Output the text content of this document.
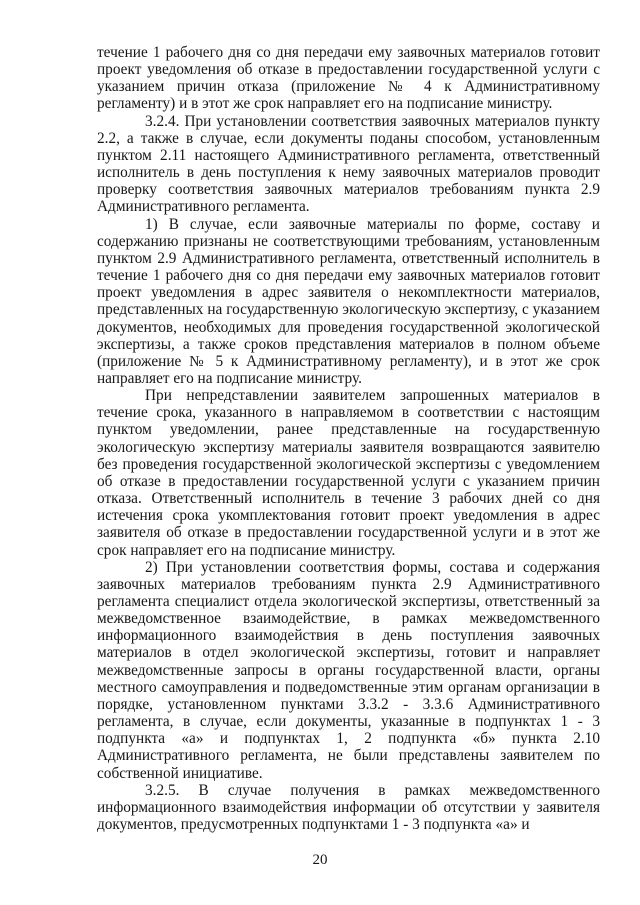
течение 1 рабочего дня со дня передачи ему заявочных материалов готовит проект уведомления об отказе в предоставлении государственной услуги с указанием причин отказа (приложение № 4 к Административному регламенту) и в этот же срок направляет его на подписание министру.

3.2.4. При установлении соответствия заявочных материалов пункту 2.2, а также в случае, если документы поданы способом, установленным пунктом 2.11 настоящего Административного регламента, ответственный исполнитель в день поступления к нему заявочных материалов проводит проверку соответствия заявочных материалов требованиям пункта 2.9 Административного регламента.

1) В случае, если заявочные материалы по форме, составу и содержанию признаны не соответствующими требованиям, установленным пунктом 2.9 Административного регламента, ответственный исполнитель в течение 1 рабочего дня со дня передачи ему заявочных материалов готовит проект уведомления в адрес заявителя о некомплектности материалов, представленных на государственную экологическую экспертизу, с указанием документов, необходимых для проведения государственной экологической экспертизы, а также сроков представления материалов в полном объеме (приложение № 5 к Административному регламенту), и в этот же срок направляет его на подписание министру.

При непредставлении заявителем запрошенных материалов в течение срока, указанного в направляемом в соответствии с настоящим пунктом уведомлении, ранее представленные на государственную экологическую экспертизу материалы заявителя возвращаются заявителю без проведения государственной экологической экспертизы с уведомлением об отказе в предоставлении государственной услуги с указанием причин отказа. Ответственный исполнитель в течение 3 рабочих дней со дня истечения срока укомплектования готовит проект уведомления в адрес заявителя об отказе в предоставлении государственной услуги и в этот же срок направляет его на подписание министру.

2) При установлении соответствия формы, состава и содержания заявочных материалов требованиям пункта 2.9 Административного регламента специалист отдела экологической экспертизы, ответственный за межведомственное взаимодействие, в рамках межведомственного информационного взаимодействия в день поступления заявочных материалов в отдел экологической экспертизы, готовит и направляет межведомственные запросы в органы государственной власти, органы местного самоуправления и подведомственные этим органам организации в порядке, установленном пунктами 3.3.2 - 3.3.6 Административного регламента, в случае, если документы, указанные в подпунктах 1 - 3 подпункта «а» и подпунктах 1, 2 подпункта «б» пункта 2.10 Административного регламента, не были представлены заявителем по собственной инициативе.

3.2.5. В случае получения в рамках межведомственного информационного взаимодействия информации об отсутствии у заявителя документов, предусмотренных подпунктами 1 - 3 подпункта «а» и

20
